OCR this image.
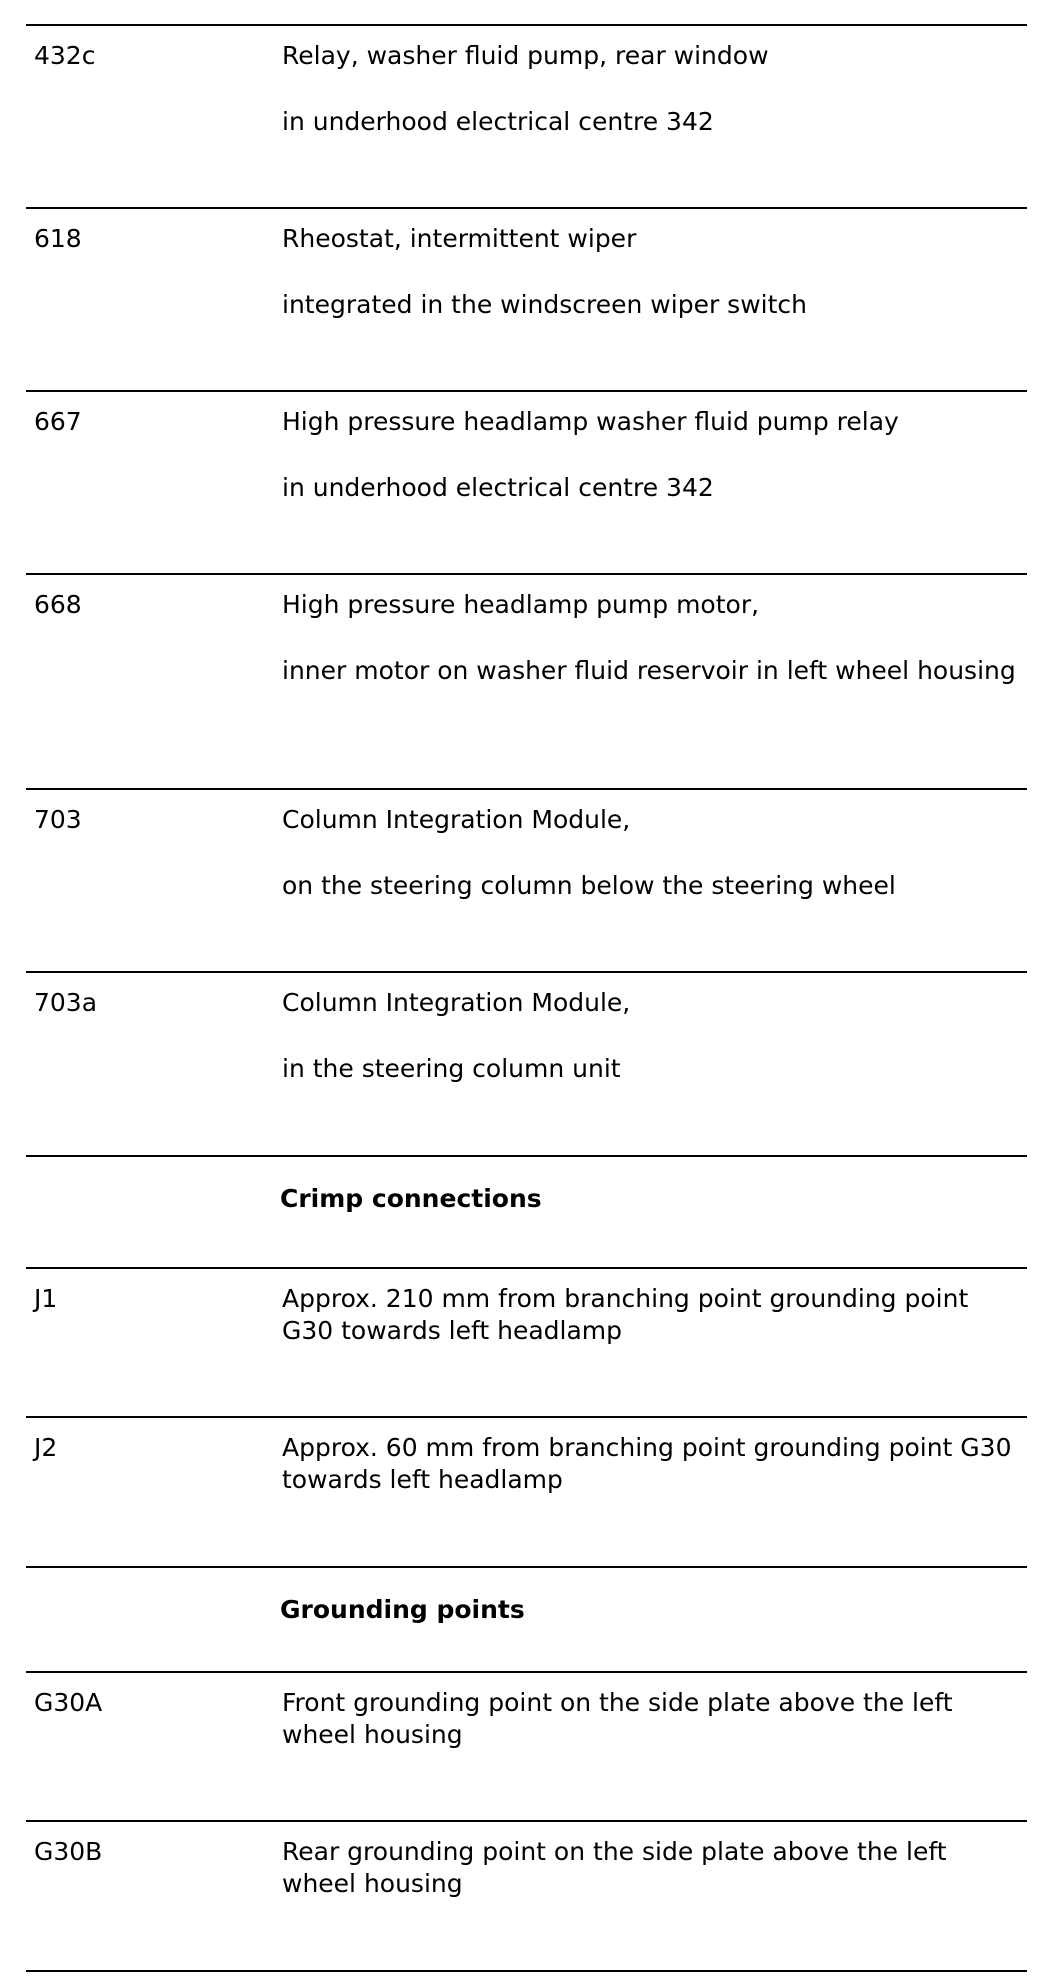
432c	Relay, washer fluid pump, rear window

in underhood electrical centre 342

618	Rheostat, intermittent wiper

integrated in the windscreen wiper switch

667	High pressure headlamp washer fluid pump relay

in underhood electrical centre 342

668	High pressure headlamp pump motor,

inner motor on washer fluid reservoir in left wheel housing

703	Column Integration Module,

on the steering column below the steering wheel

703a	Column Integration Module,

in the steering column unit

Crimp connections
J1	Approx. 210 mm from branching point grounding point G30 towards left headlamp
J2	Approx. 60 mm from branching point grounding point G30 towards left headlamp
Grounding points
G30A	Front grounding point on the side plate above the left wheel housing
G30B	Rear grounding point on the side plate above the left wheel housing
